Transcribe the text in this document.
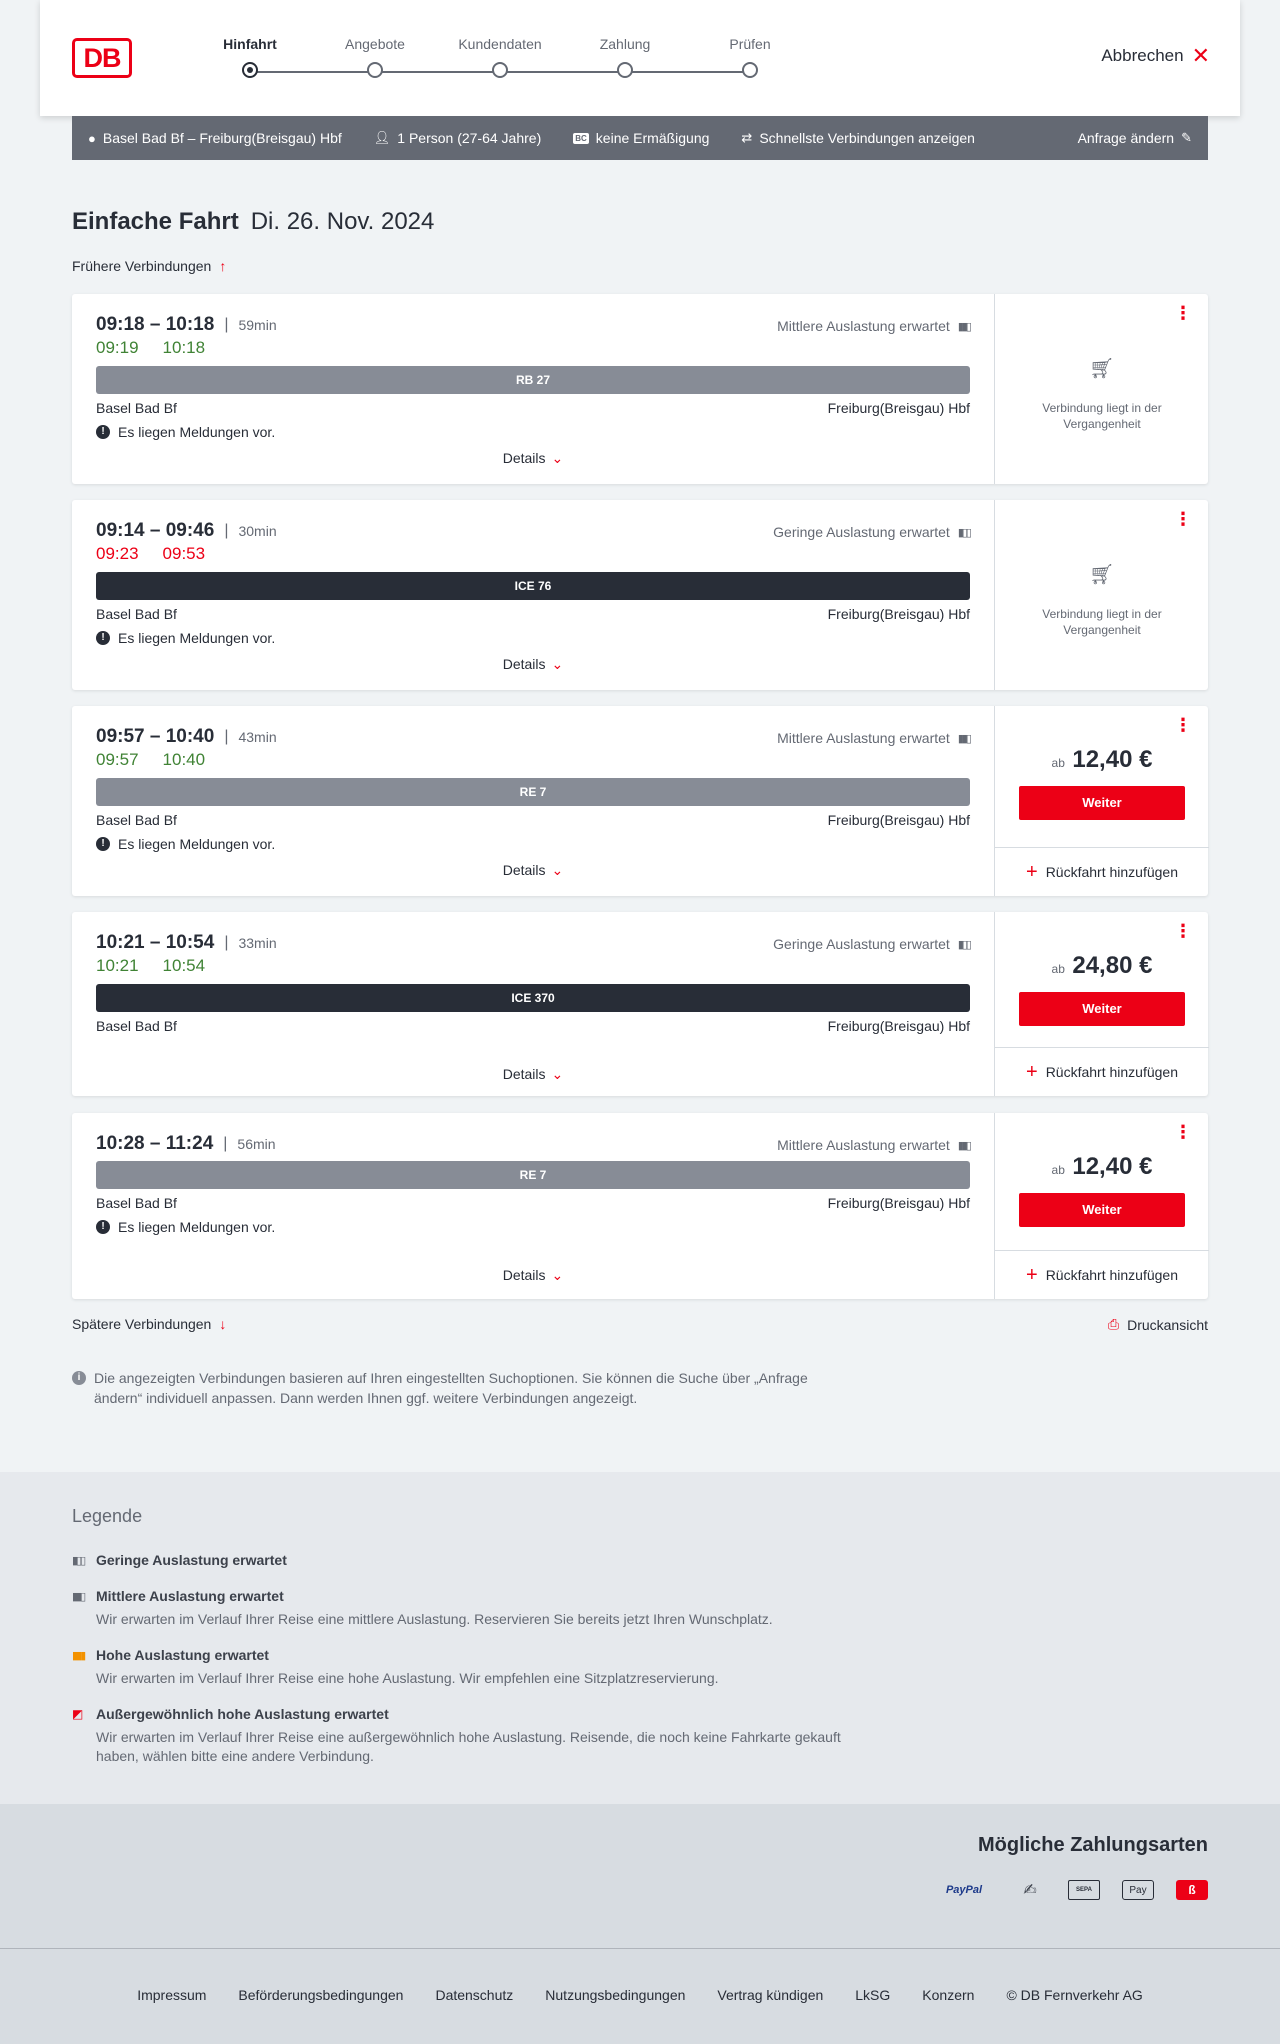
DB	Hinfahrt	Angebote	Kundendaten	Zahlung	Prüfen
Abbrechen ✕
● Basel Bad Bf – Freiburg(Breisgau) Hbf 👤︎ 1 Person (27-64 Jahre)	BC keine Ermäßigung ⇄ Schnellste Verbindungen anzeigen	Anfrage ändern ✎
Einfache Fahrt Di. 26. Nov. 2024
Frühere Verbindungen ↑
09:18 – 10:18 | 59min	Mittlere Auslastung erwartet ▮▮▯
09:19 10:18
RB 27
Basel Bad Bf	Freiburg(Breisgau) Hbf
! Es liegen Meldungen vor.
Details ⌄
⋮
🛒︎
Verbindung liegt in der Vergangenheit
09:14 – 09:46 | 30min	Geringe Auslastung erwartet ▮▯▯
09:23 09:53
ICE 76
Basel Bad Bf	Freiburg(Breisgau) Hbf
! Es liegen Meldungen vor.
Details ⌄
⋮
🛒︎
Verbindung liegt in der Vergangenheit
09:57 – 10:40 | 43min	Mittlere Auslastung erwartet ▮▮▯
09:57 10:40
RE 7
Basel Bad Bf	Freiburg(Breisgau) Hbf
! Es liegen Meldungen vor.
Details ⌄
⋮
ab 12,40 €
Weiter
+ Rückfahrt hinzufügen
10:21 – 10:54 | 33min	Geringe Auslastung erwartet ▮▯▯
10:21 10:54
ICE 370
Basel Bad Bf	Freiburg(Breisgau) Hbf
Details ⌄
⋮
ab 24,80 €
Weiter
+ Rückfahrt hinzufügen
10:28 – 11:24 | 56min	Mittlere Auslastung erwartet ▮▮▯
RE 7
Basel Bad Bf	Freiburg(Breisgau) Hbf
! Es liegen Meldungen vor.
Details ⌄
⋮
ab 12,40 €
Weiter
+ Rückfahrt hinzufügen
Spätere Verbindungen ↓	⎙ Druckansicht
i Die angezeigten Verbindungen basieren auf Ihren eingestellten Suchoptionen. Sie können die Suche über „Anfrage ändern“ individuell anpassen. Dann werden Ihnen ggf. weitere Verbindungen angezeigt.
Legende
▮▯▯ Geringe Auslastung erwartet
▮▮▯ Mittlere Auslastung erwartet
Wir erwarten im Verlauf Ihrer Reise eine mittlere Auslastung. Reservieren Sie bereits jetzt Ihren Wunschplatz.
▮▮▮ Hohe Auslastung erwartet
Wir erwarten im Verlauf Ihrer Reise eine hohe Auslastung. Wir empfehlen eine Sitzplatzreservierung.
◩ Außergewöhnlich hohe Auslastung erwartet
Wir erwarten im Verlauf Ihrer Reise eine außergewöhnlich hohe Auslastung. Reisende, die noch keine Fahrkarte gekauft haben, wählen bitte eine andere Verbindung.
Mögliche Zahlungsarten
PayPal	✍	SEPA	Pay	ß
Impressum Beförderungsbedingungen Datenschutz Nutzungsbedingungen Vertrag kündigen LkSG Konzern © DB Fernverkehr AG
